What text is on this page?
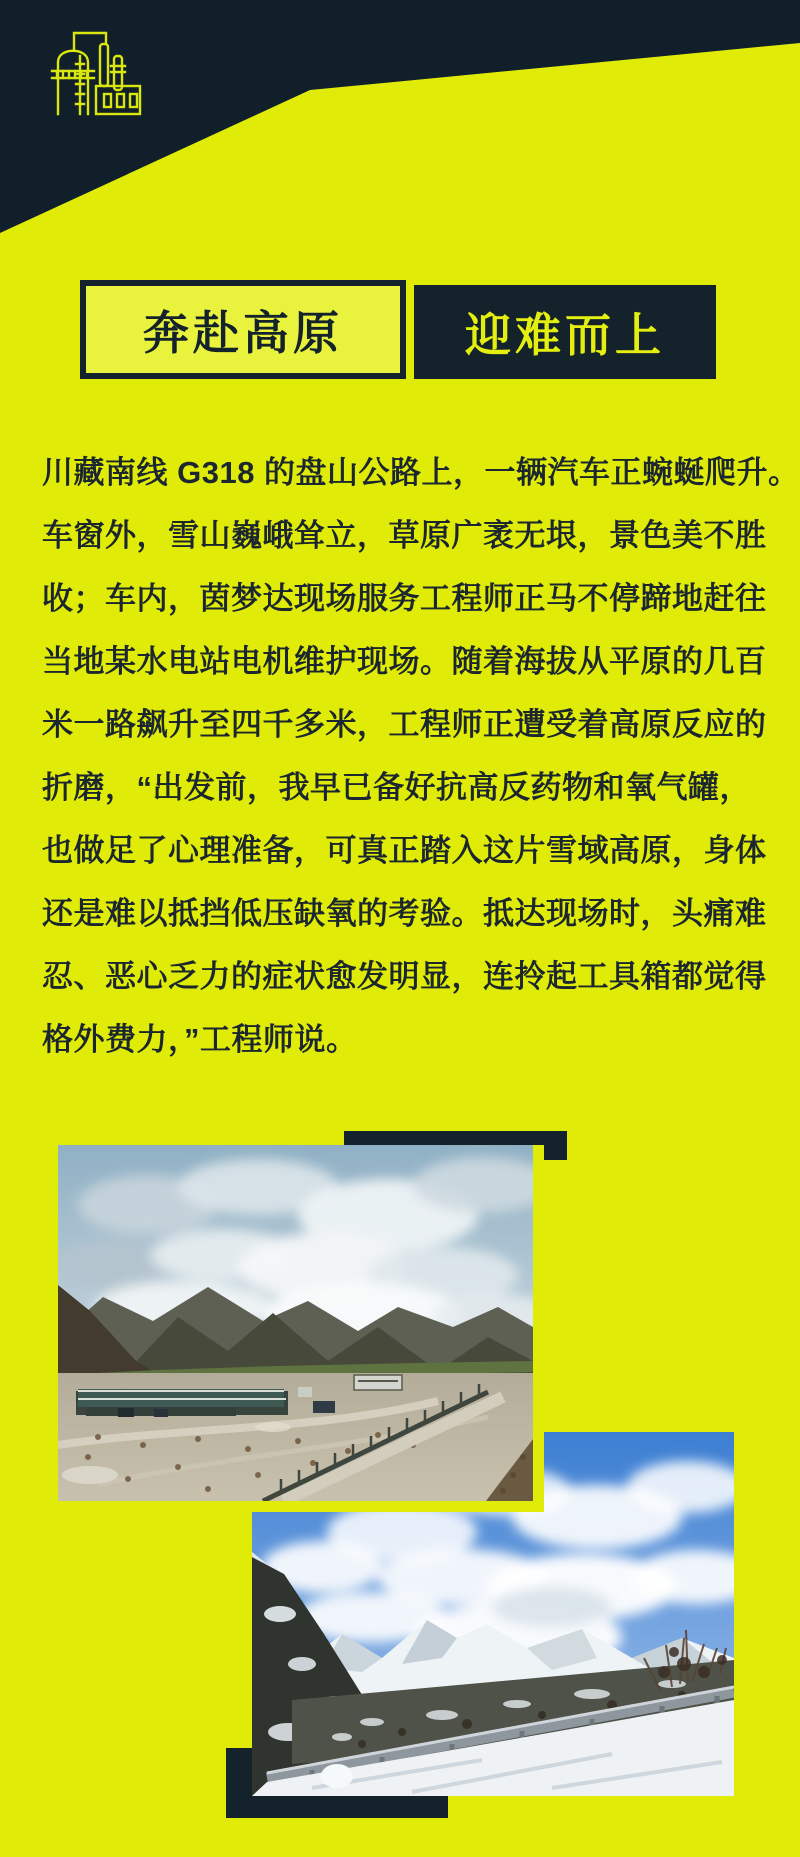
奔赴高原	迎难而上
川藏南线 G318 的盘山公路上，一辆汽车正蜿蜒爬升。
车窗外，雪山巍峨耸立，草原广袤无垠，景色美不胜
收；车内，茵梦达现场服务工程师正马不停蹄地赶往
当地某水电站电机维护现场。随着海拔从平原的几百
米一路飙升至四千多米，工程师正遭受着高原反应的
折磨，“出发前，我早已备好抗高反药物和氧气罐，
也做足了心理准备，可真正踏入这片雪域高原，身体
还是难以抵挡低压缺氧的考验。抵达现场时，头痛难
忍、恶心乏力的症状愈发明显，连拎起工具箱都觉得
格外费力，”工程师说。
